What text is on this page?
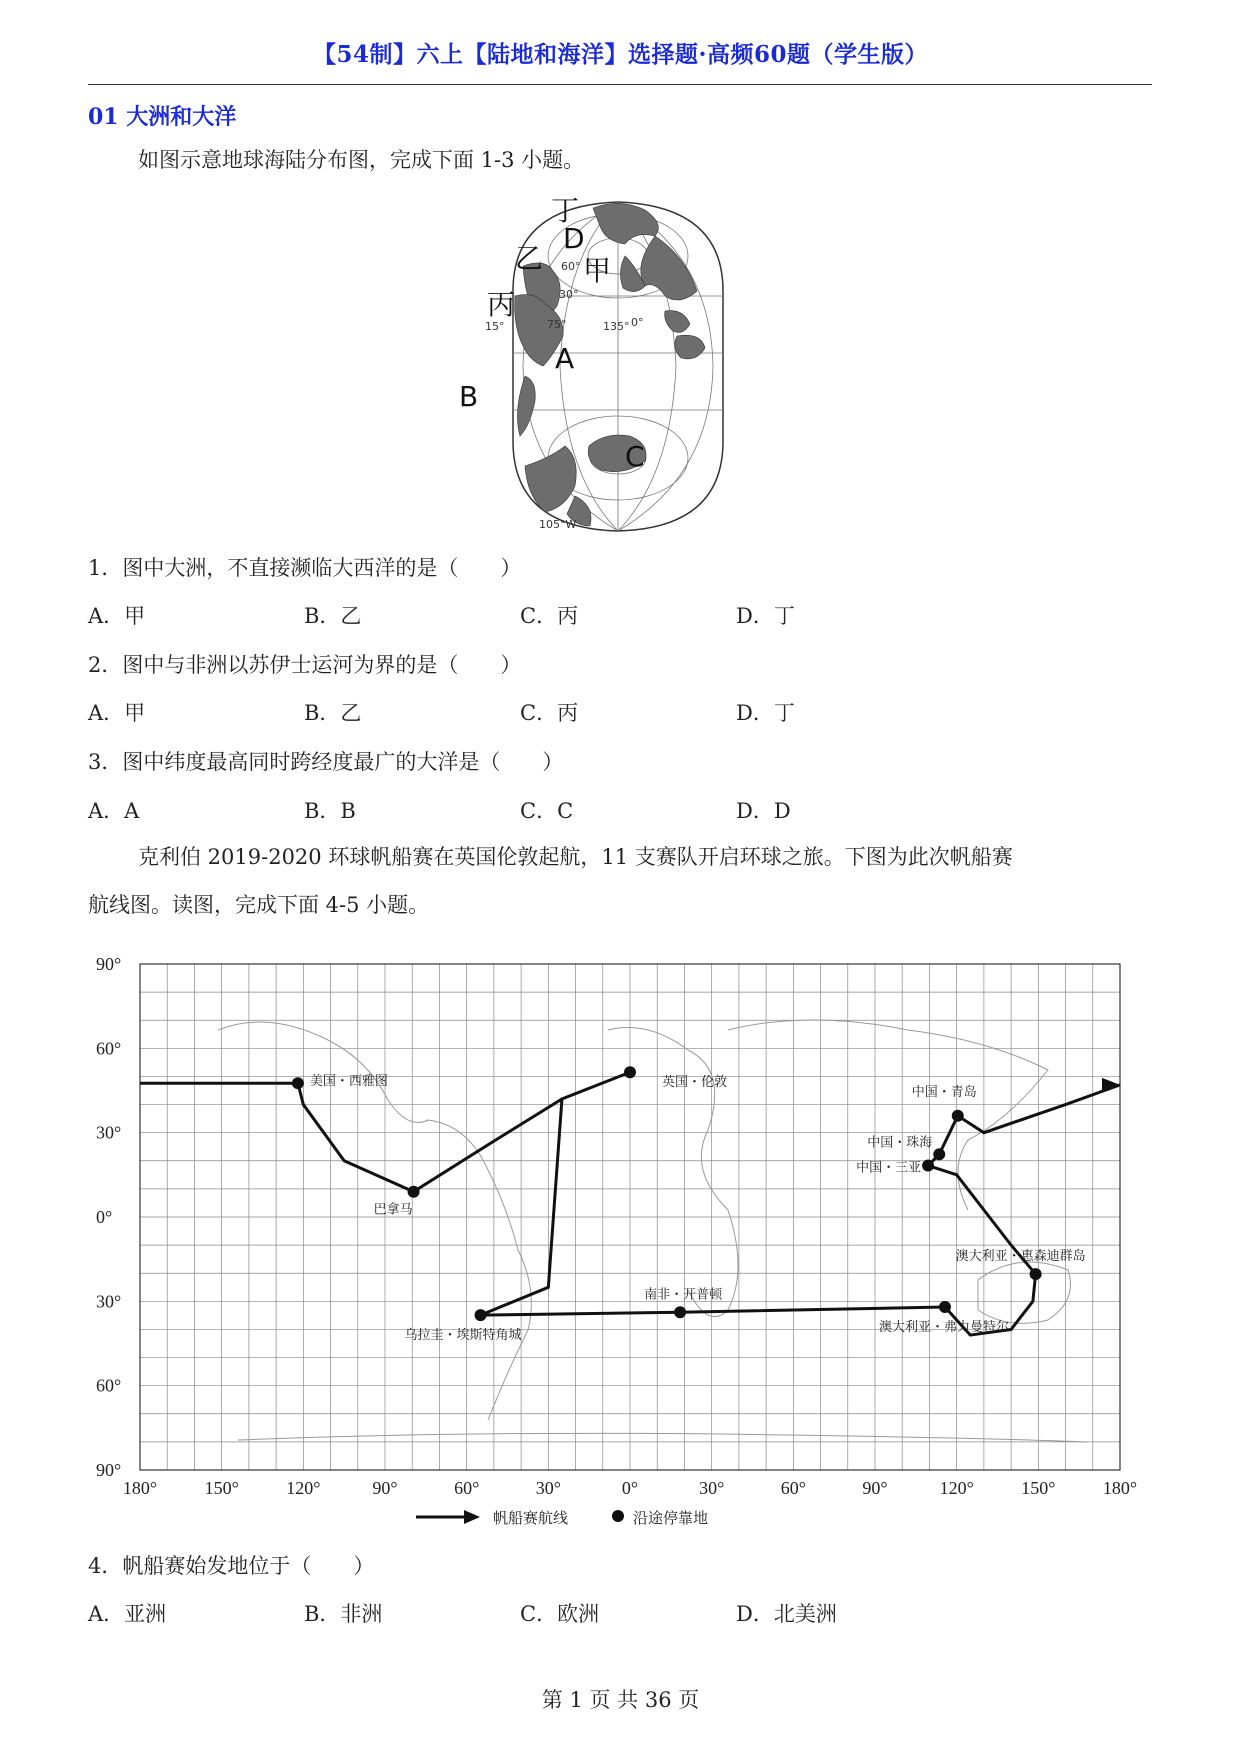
【54制】六上【陆地和海洋】选择题·高频60题（学生版）
01 大洲和大洋
如图示意地球海陆分布图，完成下面 1-3 小题。
丁
D
乙 甲
丙
A
B
C
60°
30°
15°	75°	135° 0°
105°W
1．图中大洲，不直接濒临大西洋的是（　　）
A．甲	B．乙	C．丙	D．丁
2．图中与非洲以苏伊士运河为界的是（　　）
A．甲	B．乙	C．丙	D．丁
3．图中纬度最高同时跨经度最广的大洋是（　　）
A．A	B．B	C．C	D．D
克利伯 2019-2020 环球帆船赛在英国伦敦起航，11 支赛队开启环球之旅。下图为此次帆船赛
航线图。读图，完成下面 4-5 小题。
90°
60°
30°
0°
30°
60°
90°
180°	150°	120°	90°	60°	30°	0°	30°	60°	90°	120°	150°	180°
美国・西雅图	英国・伦敦
中国・青岛
中国・珠海
中国・三亚
巴拿马
澳大利亚・惠森迪群岛
南非・开普顿
乌拉圭・埃斯特角城
澳大利亚・弗力曼特尔
帆船赛航线	沿途停靠地
4．帆船赛始发地位于（　　）
A．亚洲	B．非洲	C．欧洲	D．北美洲
第 1 页 共 36 页
